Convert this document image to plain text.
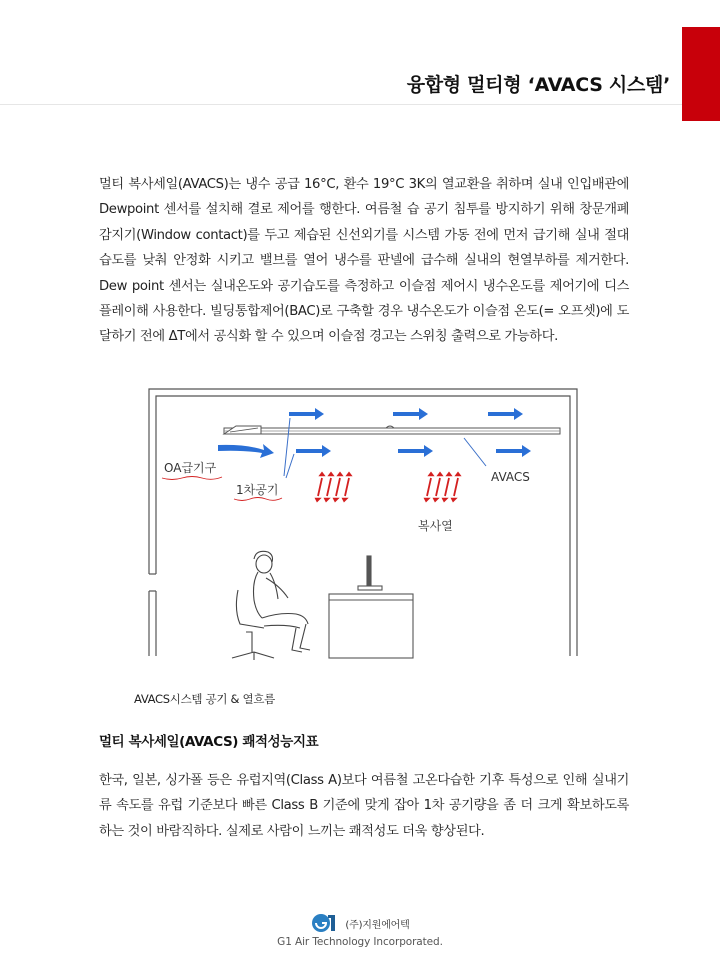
융합형 멀티형 ‘AVACS 시스템’

멀티 복사세일(AVACS)는 냉수 공급 16°C, 환수 19°C 3K의 열교환을 취하며 실내 인입배관에 Dewpoint 센서를 설치해 결로 제어를 행한다. 여름철 습 공기 침투를 방지하기 위해 창문개폐 감지기(Window contact)를 두고 제습된 신선외기를 시스템 가동 전에 먼저 급기해 실내 절대습도를 낮춰 안정화 시키고 밸브를 열어 냉수를 판넬에 급수해 실내의 현열부하를 제거한다. Dew point 센서는 실내온도와 공기습도를 측정하고 이슬점 제어시 냉수온도를 제어기에 디스플레이해 사용한다. 빌딩통합제어(BAC)로 구축할 경우 냉수온도가 이슬점 온도(= 오프셋)에 도달하기 전에 ΔT에서 공식화 할 수 있으며 이슬점 경고는 스위칭 출력으로 가능하다.

OA급기구
1차공기
AVACS
복사열
AVACS시스템 공기 & 열흐름
멀티 복사세일(AVACS) 쾌적성능지표

한국, 일본, 싱가폴 등은 유럽지역(Class A)보다 여름철 고온다습한 기후 특성으로 인해 실내기류 속도를 유럽 기준보다 빠른 Class B 기준에 맞게 잡아 1차 공기량을 좀 더 크게 확보하도록 하는 것이 바람직하다. 실제로 사람이 느끼는 쾌적성도 더욱 향상된다.

(주)지원에어텍
G1 Air Technology Incorporated.
